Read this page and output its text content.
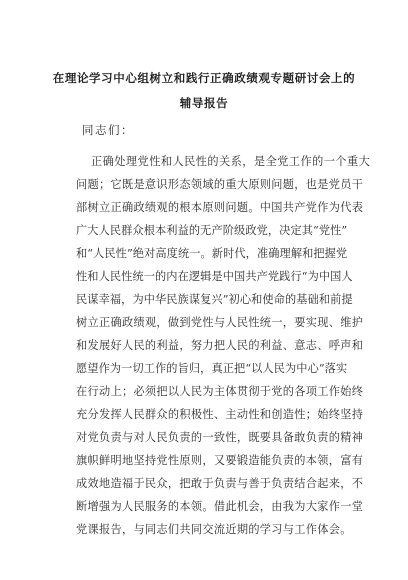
在理论学习中心组树立和践行正确政绩观专题研讨会上的
辅导报告
同志们：
正确处理党性和人民性的关系，是全党工作的一个重大
问题；它既是意识形态领域的重大原则问题，也是党员干
部树立正确政绩观的根本原则问题。中国共产党作为代表
广大人民群众根本利益的无产阶级政党，决定其“党性”
和“人民性”绝对高度统一。新时代，准确理解和把握党
性和人民性统一的内在逻辑是中国共产党践行“为中国人
民谋幸福，为中华民族谋复兴”初心和使命的基础和前提
树立正确政绩观，做到党性与人民性统一，要实现、维护
和发展好人民的利益，努力把人民的利益、意志、呼声和
愿望作为一切工作的旨归，真正把“以人民为中心”落实
在行动上；必须把以人民为主体贯彻于党的各项工作始终
充分发挥人民群众的积极性、主动性和创造性；始终坚持
对党负责与对人民负责的一致性，既要具备敢负责的精神
旗帜鲜明地坚持党性原则，又要锻造能负责的本领，富有
成效地造福于民众，把敢于负责与善于负责结合起来，不
断增强为人民服务的本领。借此机会，由我为大家作一堂
党课报告，与同志们共同交流近期的学习与工作体会。
